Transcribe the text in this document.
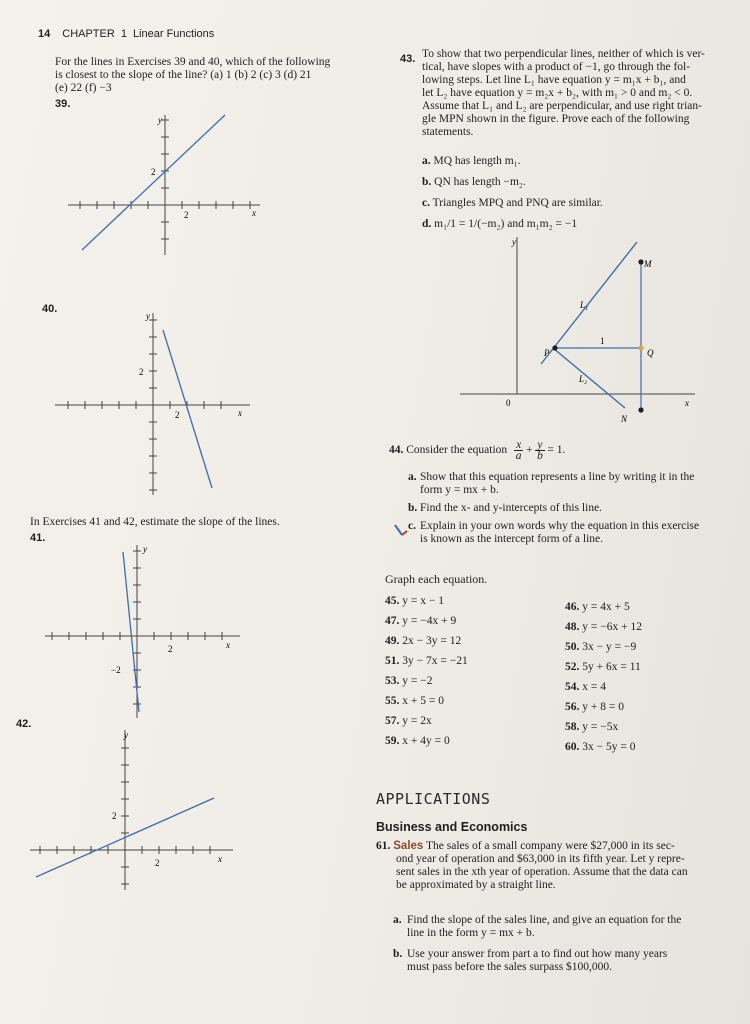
14 CHAPTER 1 Linear Functions
For the lines in Exercises 39 and 40, which of the following
is closest to the slope of the line? (a) 1 (b) 2 (c) 3 (d) 21
(e) 22 (f) −3
39.
y
x
2
2
40.
y
x
2
2
In Exercises 41 and 42, estimate the slope of the lines.
41.
y
x
2
−2
42.
y
x
2
2
43. To show that two perpendicular lines, neither of which is ver-
tical, have slopes with a product of −1, go through the fol-
lowing steps. Let line L₁ have equation y = m₁x + b₁, and
let L₂ have equation y = m₂x + b₂, with m₁ > 0 and m₂ < 0.
Assume that L₁ and L₂ are perpendicular, and use right trian-
gle MPN shown in the figure. Prove each of the following
statements.
a. MQ has length m₁.
b. QN has length −m₂.
c. Triangles MPQ and PNQ are similar.
d. m₁/1 = 1/(−m₂) and m₁m₂ = −1
y
x
0
M
P	Q
N
L₁
L₂
1
44. Consider the equation $\frac{x}{a} + \frac{y}{b} = 1$.
a. Show that this equation represents a line by writing it in the
form y = mx + b.
b. Find the x- and y-intercepts of this line.
c. Explain in your own words why the equation in this exercise
is known as the intercept form of a line.
Graph each equation.
45. y = x − 1
47. y = −4x + 9
49. 2x − 3y = 12
51. 3y − 7x = −21
53. y = −2
55. x + 5 = 0
57. y = 2x
59. x + 4y = 0
46. y = 4x + 5
48. y = −6x + 12
50. 3x − y = −9
52. 5y + 6x = 11
54. x = 4
56. y + 8 = 0
58. y = −5x
60. 3x − 5y = 0
APPLICATIONS
Business and Economics
61. Sales The sales of a small company were $27,000 in its sec-
ond year of operation and $63,000 in its fifth year. Let y repre-
sent sales in the xth year of operation. Assume that the data can
be approximated by a straight line.
a. Find the slope of the sales line, and give an equation for the
line in the form y = mx + b.
b. Use your answer from part a to find out how many years
must pass before the sales surpass $100,000.
